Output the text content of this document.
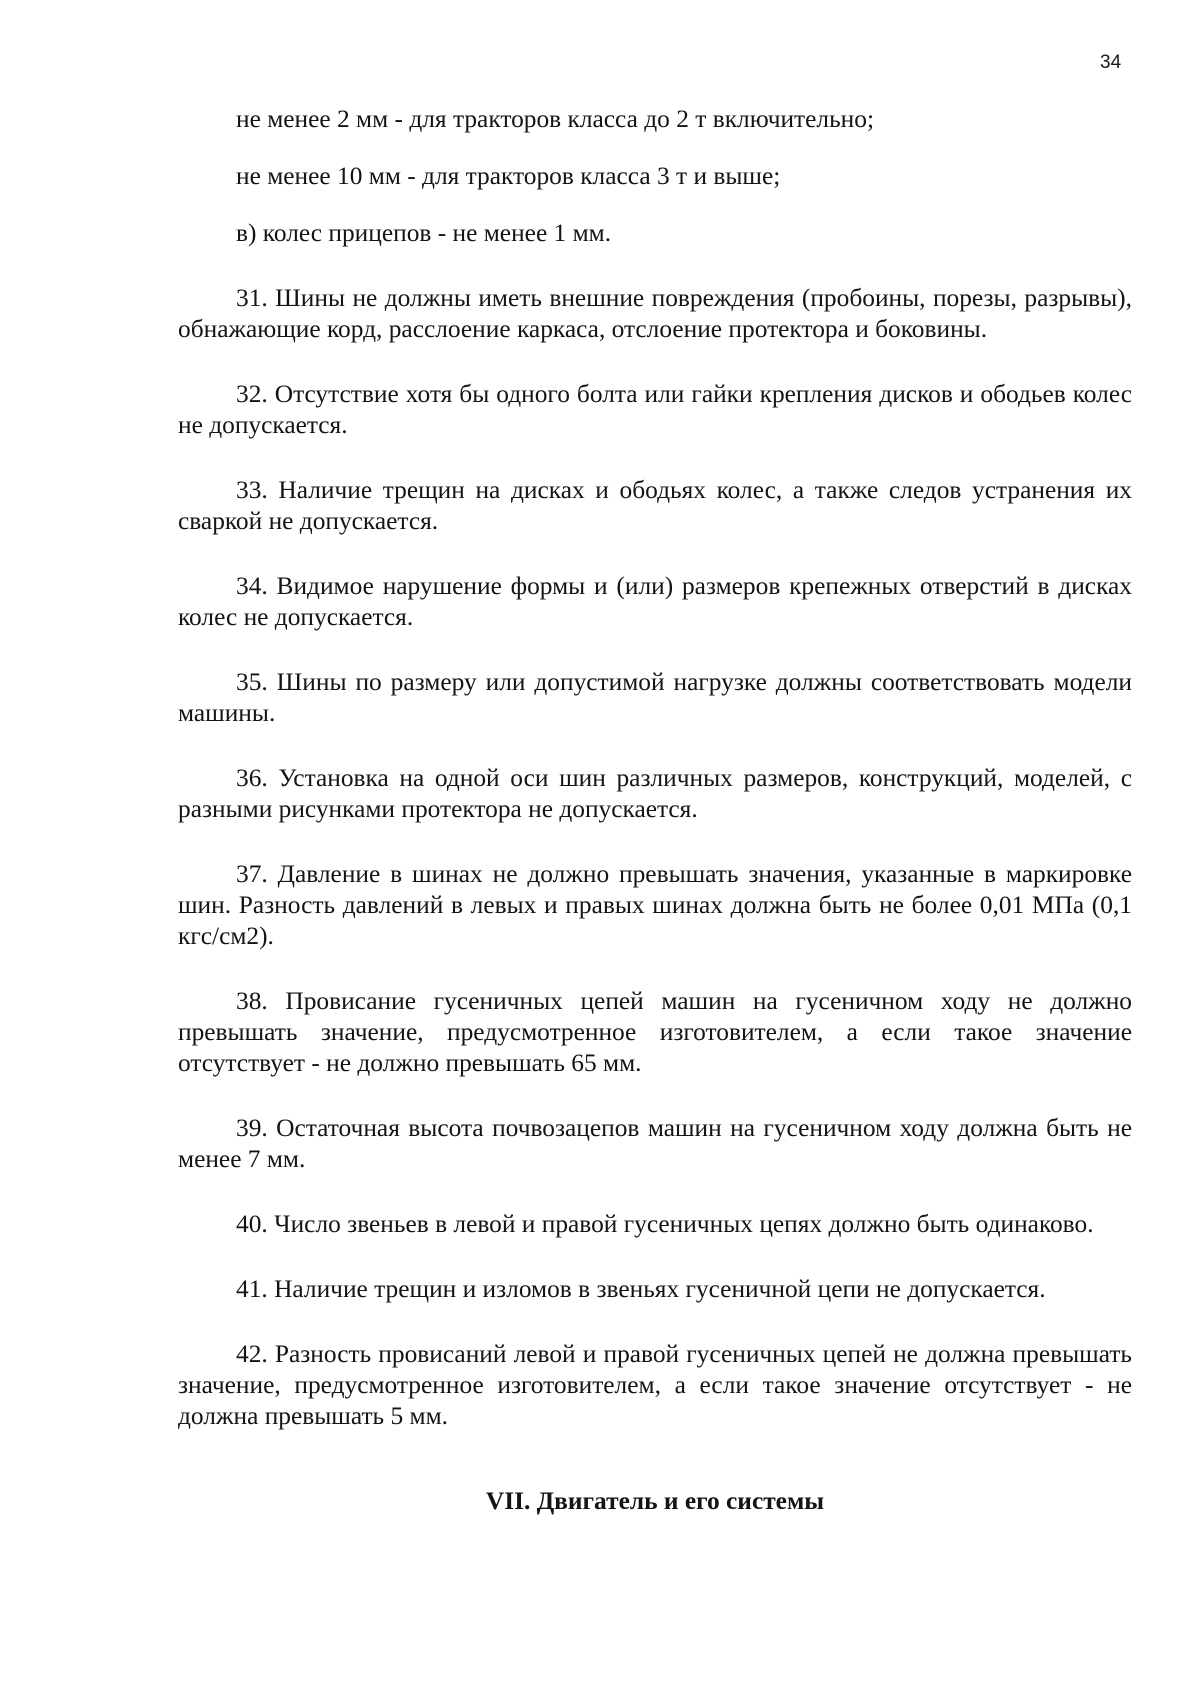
34

не менее 2 мм - для тракторов класса до 2 т включительно;

не менее 10 мм - для тракторов класса 3 т и выше;

в) колес прицепов - не менее 1 мм.

31. Шины не должны иметь внешние повреждения (пробоины, порезы, разрывы), обнажающие корд, расслоение каркаса, отслоение протектора и боковины.

32. Отсутствие хотя бы одного болта или гайки крепления дисков и ободьев колес не допускается.

33. Наличие трещин на дисках и ободьях колес, а также следов устранения их сваркой не допускается.

34. Видимое нарушение формы и (или) размеров крепежных отверстий в дисках колес не допускается.

35. Шины по размеру или допустимой нагрузке должны соответствовать модели машины.

36. Установка на одной оси шин различных размеров, конструкций, моделей, с разными рисунками протектора не допускается.

37. Давление в шинах не должно превышать значения, указанные в маркировке шин. Разность давлений в левых и правых шинах должна быть не более 0,01 МПа (0,1 кгс/см2).

38. Провисание гусеничных цепей машин на гусеничном ходу не должно превышать значение, предусмотренное изготовителем, а если такое значение отсутствует - не должно превышать 65 мм.

39. Остаточная высота почвозацепов машин на гусеничном ходу должна быть не менее 7 мм.

40. Число звеньев в левой и правой гусеничных цепях должно быть одинаково.

41. Наличие трещин и изломов в звеньях гусеничной цепи не допускается.

42. Разность провисаний левой и правой гусеничных цепей не должна превышать значение, предусмотренное изготовителем, а если такое значение отсутствует - не должна превышать 5 мм.

VII. Двигатель и его системы
